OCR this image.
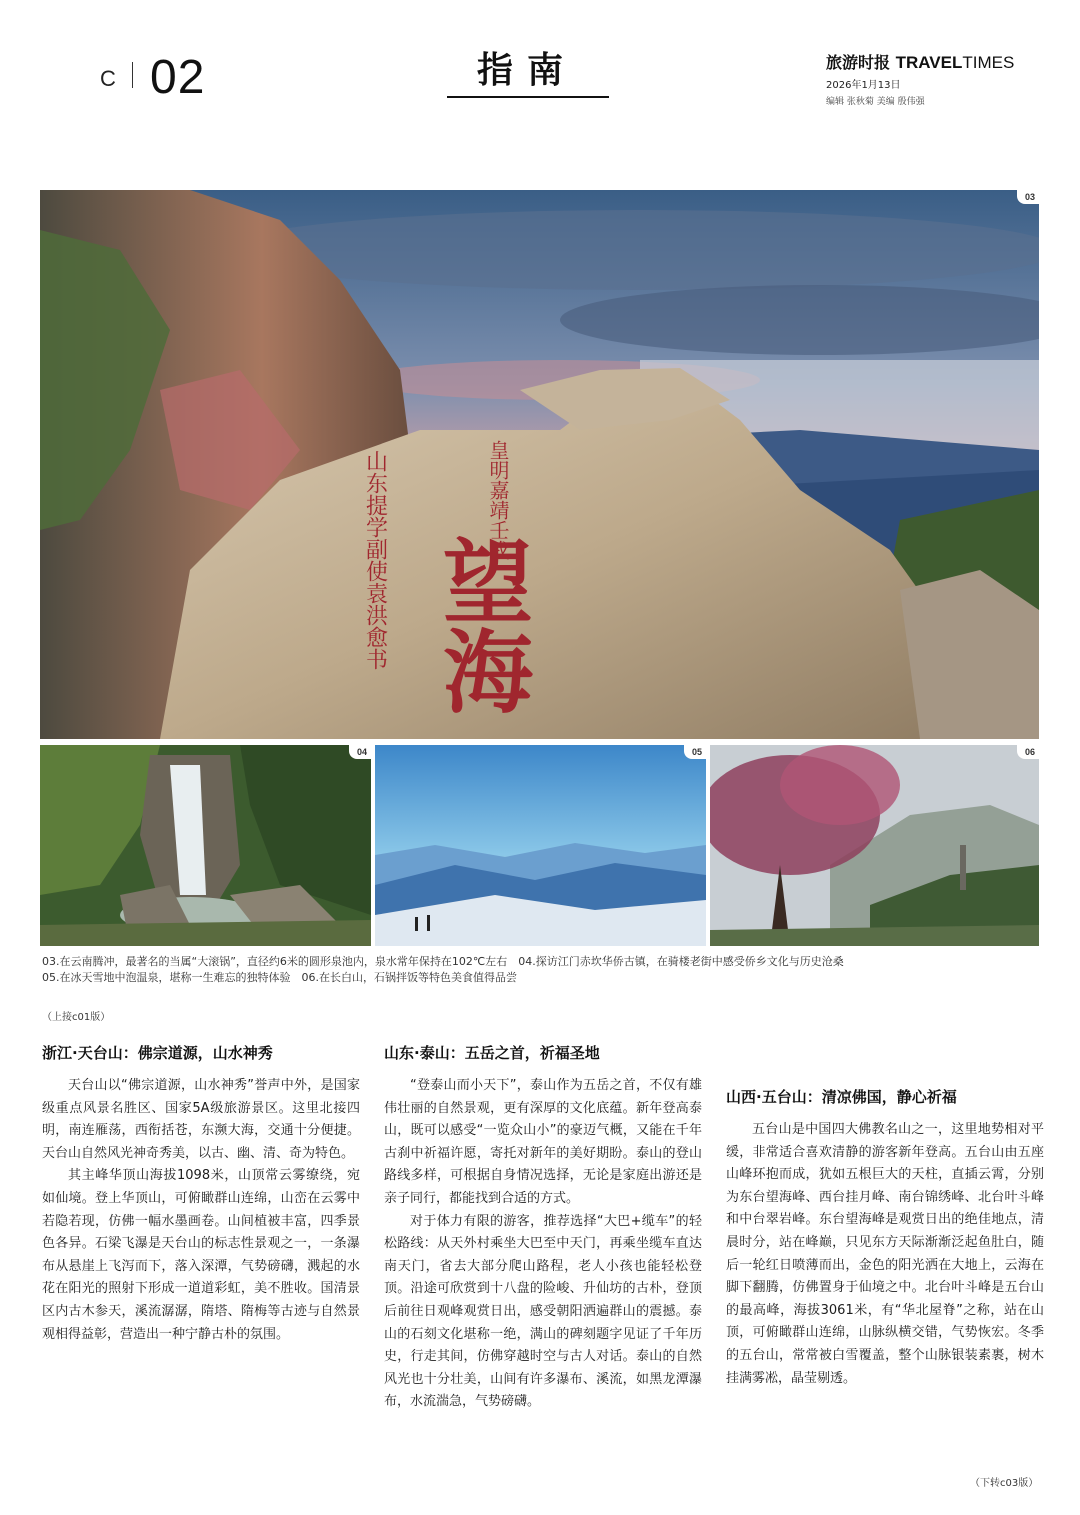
C 02	指南	旅游时报 TRAVELTIMES
2026年1月13日
编辑 张秋菊 美编 殷伟强
皇明嘉靖壬戌
山东提学副使袁洪愈书 望海
03
04	05	06
03.在云南腾冲，最著名的当属“大滚锅”，直径约6米的圆形泉池内，泉水常年保持在102℃左右　04.探访江门赤坎华侨古镇，在骑楼老街中感受侨乡文化与历史沧桑
05.在冰天雪地中泡温泉，堪称一生难忘的独特体验　06.在长白山，石锅拌饭等特色美食值得品尝
（上接c01版）
浙江·天台山：佛宗道源，山水神秀

天台山以“佛宗道源，山水神秀”誉声中外，是国家级重点风景名胜区、国家5A级旅游景区。这里北接四明，南连雁荡，西衔括苍，东濒大海，交通十分便捷。天台山自然风光神奇秀美，以古、幽、清、奇为特色。

其主峰华顶山海拔1098米，山顶常云雾缭绕，宛如仙境。登上华顶山，可俯瞰群山连绵，山峦在云雾中若隐若现，仿佛一幅水墨画卷。山间植被丰富，四季景色各异。石梁飞瀑是天台山的标志性景观之一，一条瀑布从悬崖上飞泻而下，落入深潭，气势磅礴，溅起的水花在阳光的照射下形成一道道彩虹，美不胜收。国清景区内古木参天，溪流潺潺，隋塔、隋梅等古迹与自然景观相得益彰，营造出一种宁静古朴的氛围。

山东·泰山：五岳之首，祈福圣地

“登泰山而小天下”，泰山作为五岳之首，不仅有雄伟壮丽的自然景观，更有深厚的文化底蕴。新年登高泰山，既可以感受“一览众山小”的豪迈气概，又能在千年古刹中祈福许愿，寄托对新年的美好期盼。泰山的登山路线多样，可根据自身情况选择，无论是家庭出游还是亲子同行，都能找到合适的方式。

对于体力有限的游客，推荐选择“大巴+缆车”的轻松路线：从天外村乘坐大巴至中天门，再乘坐缆车直达南天门，省去大部分爬山路程，老人小孩也能轻松登顶。沿途可欣赏到十八盘的险峻、升仙坊的古朴，登顶后前往日观峰观赏日出，感受朝阳洒遍群山的震撼。泰山的石刻文化堪称一绝，满山的碑刻题字见证了千年历史，行走其间，仿佛穿越时空与古人对话。泰山的自然风光也十分壮美，山间有许多瀑布、溪流，如黑龙潭瀑布，水流湍急，气势磅礴。

山西·五台山：清凉佛国，静心祈福

五台山是中国四大佛教名山之一，这里地势相对平缓，非常适合喜欢清静的游客新年登高。五台山由五座山峰环抱而成，犹如五根巨大的天柱，直插云霄，分别为东台望海峰、西台挂月峰、南台锦绣峰、北台叶斗峰和中台翠岩峰。东台望海峰是观赏日出的绝佳地点，清晨时分，站在峰巅，只见东方天际渐渐泛起鱼肚白，随后一轮红日喷薄而出，金色的阳光洒在大地上，云海在脚下翻腾，仿佛置身于仙境之中。北台叶斗峰是五台山的最高峰，海拔3061米，有“华北屋脊”之称，站在山顶，可俯瞰群山连绵，山脉纵横交错，气势恢宏。冬季的五台山，常常被白雪覆盖，整个山脉银装素裹，树木挂满雾凇，晶莹剔透。

（下转c03版）
